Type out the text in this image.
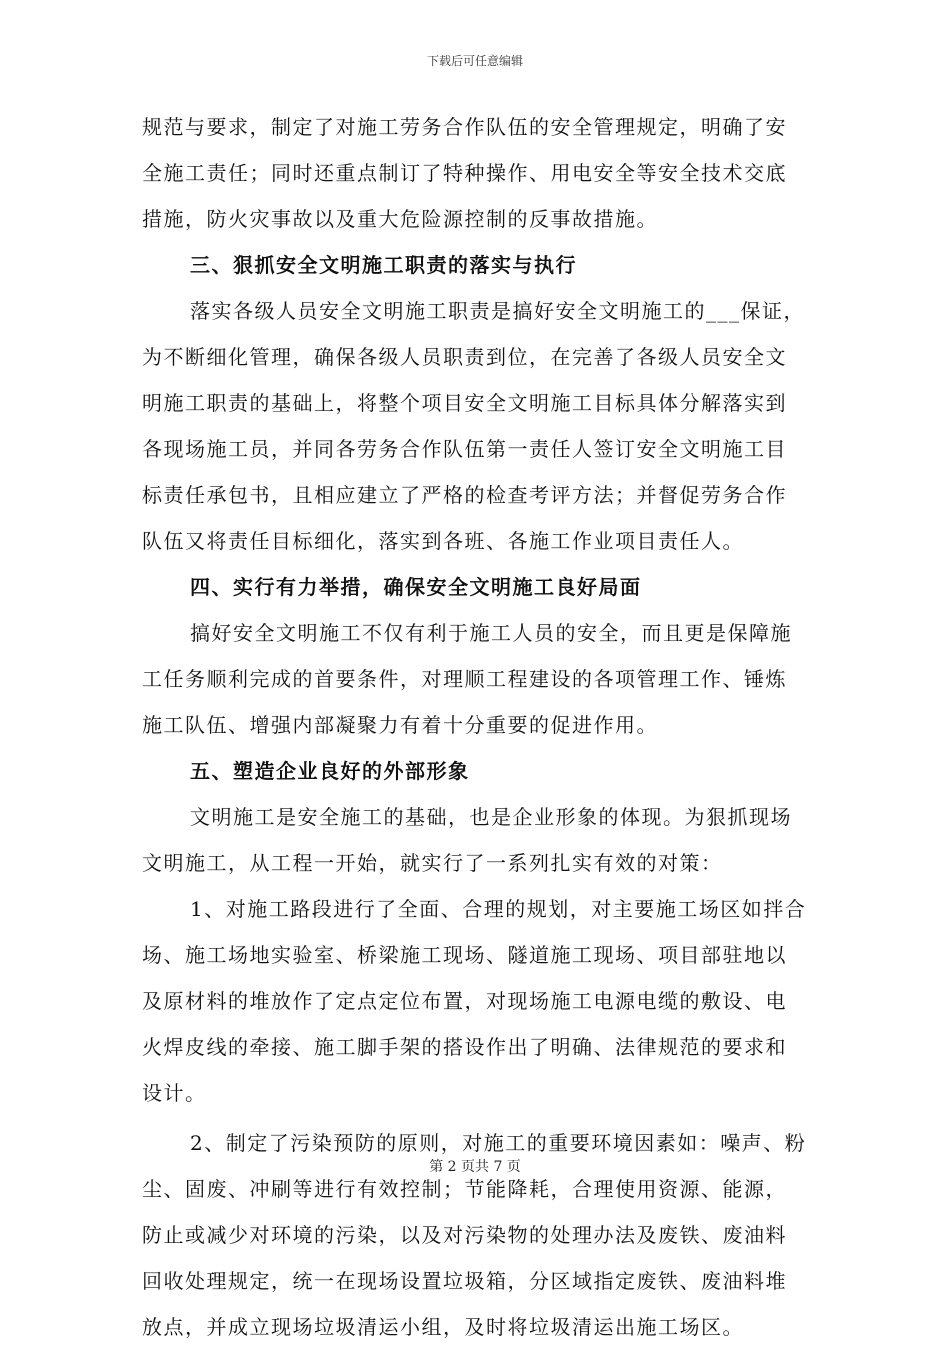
下载后可任意编辑
规范与要求，制定了对施工劳务合作队伍的安全管理规定，明确了安
全施工责任；同时还重点制订了特种操作、用电安全等安全技术交底
措施，防火灾事故以及重大危险源控制的反事故措施。
三、狠抓安全文明施工职责的落实与执行
落实各级人员安全文明施工职责是搞好安全文明施工的___保证，
为不断细化管理，确保各级人员职责到位，在完善了各级人员安全文
明施工职责的基础上，将整个项目安全文明施工目标具体分解落实到
各现场施工员，并同各劳务合作队伍第一责任人签订安全文明施工目
标责任承包书，且相应建立了严格的检查考评方法；并督促劳务合作
队伍又将责任目标细化，落实到各班、各施工作业项目责任人。
四、实行有力举措，确保安全文明施工良好局面
搞好安全文明施工不仅有利于施工人员的安全，而且更是保障施
工任务顺利完成的首要条件，对理顺工程建设的各项管理工作、锤炼
施工队伍、增强内部凝聚力有着十分重要的促进作用。
五、塑造企业良好的外部形象
文明施工是安全施工的基础，也是企业形象的体现。为狠抓现场
文明施工，从工程一开始，就实行了一系列扎实有效的对策：
1、对施工路段进行了全面、合理的规划，对主要施工场区如拌合
场、施工场地实验室、桥梁施工现场、隧道施工现场、项目部驻地以
及原材料的堆放作了定点定位布置，对现场施工电源电缆的敷设、电
火焊皮线的牵接、施工脚手架的搭设作出了明确、法律规范的要求和
设计。
2、制定了污染预防的原则，对施工的重要环境因素如：噪声、粉
尘、固废、冲刷等进行有效控制；节能降耗，合理使用资源、能源，
防止或减少对环境的污染，以及对污染物的处理办法及废铁、废油料
回收处理规定，统一在现场设置垃圾箱，分区域指定废铁、废油料堆
放点，并成立现场垃圾清运小组，及时将垃圾清运出施工场区。
第 2 页共 7 页
